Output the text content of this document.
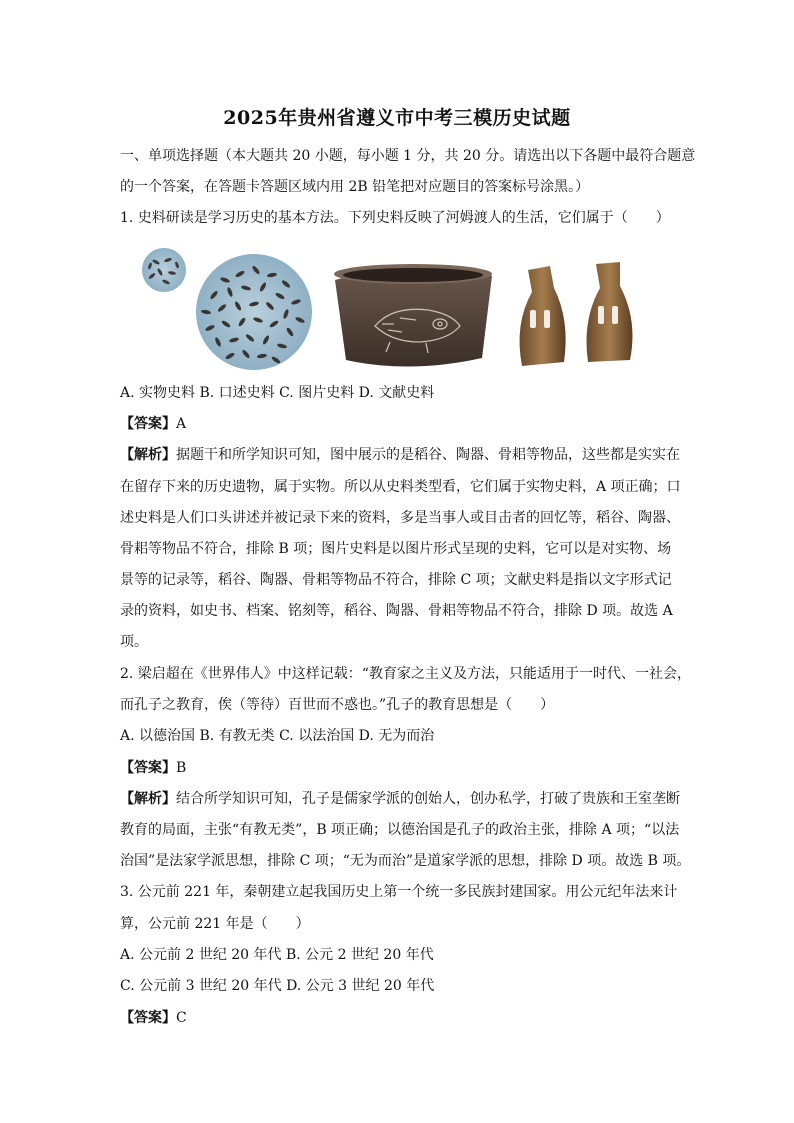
2025年贵州省遵义市中考三模历史试题
一、单项选择题（本大题共 20 小题，每小题 1 分，共 20 分。请选出以下各题中最符合题意
的一个答案，在答题卡答题区域内用 2B 铅笔把对应题目的答案标号涂黑。）
1. 史料研读是学习历史的基本方法。下列史料反映了河姆渡人的生活，它们属于（　　）
A. 实物史料 B. 口述史料 C. 图片史料 D. 文献史料
【答案】A
【解析】据题干和所学知识可知，图中展示的是稻谷、陶器、骨耜等物品，这些都是实实在
在留存下来的历史遗物，属于实物。所以从史料类型看，它们属于实物史料，A 项正确；口
述史料是人们口头讲述并被记录下来的资料，多是当事人或目击者的回忆等，稻谷、陶器、
骨耜等物品不符合，排除 B 项；图片史料是以图片形式呈现的史料，它可以是对实物、场
景等的记录等，稻谷、陶器、骨耜等物品不符合，排除 C 项；文献史料是指以文字形式记
录的资料，如史书、档案、铭刻等，稻谷、陶器、骨耜等物品不符合，排除 D 项。故选 A
项。
2. 梁启超在《世界伟人》中这样记载：“教育家之主义及方法，只能适用于一时代、一社会，
而孔子之教育，俟（等待）百世而不惑也。”孔子的教育思想是（　　）
A. 以德治国 B. 有教无类 C. 以法治国 D. 无为而治
【答案】B
【解析】结合所学知识可知，孔子是儒家学派的创始人，创办私学，打破了贵族和王室垄断
教育的局面，主张“有教无类”，B 项正确；以德治国是孔子的政治主张，排除 A 项；“以法
治国”是法家学派思想，排除 C 项；“无为而治”是道家学派的思想，排除 D 项。故选 B 项。
3. 公元前 221 年，秦朝建立起我国历史上第一个统一多民族封建国家。用公元纪年法来计
算，公元前 221 年是（　　）
A. 公元前 2 世纪 20 年代 B. 公元 2 世纪 20 年代
C. 公元前 3 世纪 20 年代 D. 公元 3 世纪 20 年代
【答案】C
